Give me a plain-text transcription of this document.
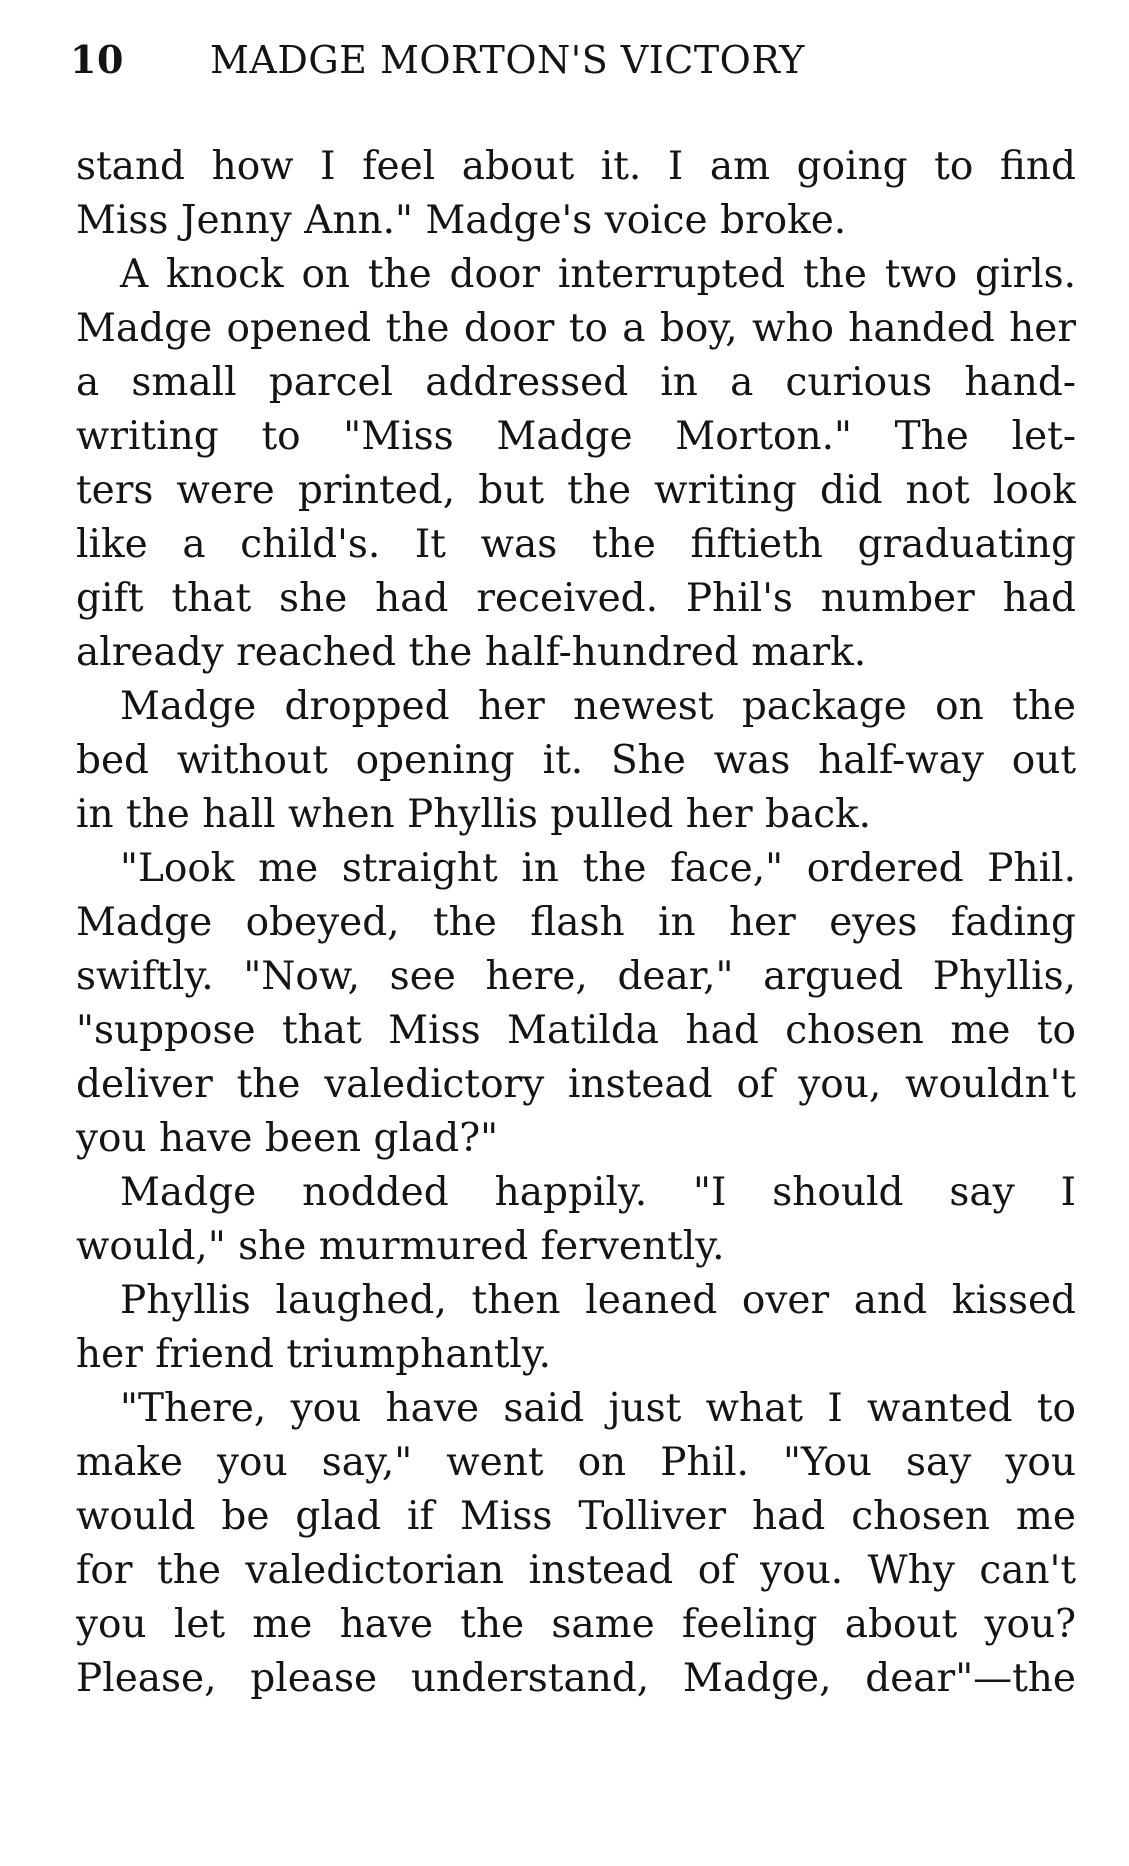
10 MADGE MORTON'S VICTORY
stand how I feel about it. I am going to find
Miss Jenny Ann." Madge's voice broke.
A knock on the door interrupted the two girls.
Madge opened the door to a boy, who handed her
a small parcel addressed in a curious hand-
writing to "Miss Madge Morton." The let-
ters were printed, but the writing did not look
like a child's. It was the fiftieth graduating
gift that she had received. Phil's number had
already reached the half-hundred mark.
Madge dropped her newest package on the
bed without opening it. She was half-way out
in the hall when Phyllis pulled her back.
"Look me straight in the face," ordered Phil.
Madge obeyed, the flash in her eyes fading
swiftly. "Now, see here, dear," argued Phyllis,
"suppose that Miss Matilda had chosen me to
deliver the valedictory instead of you, wouldn't
you have been glad?"
Madge nodded happily. "I should say I
would," she murmured fervently.
Phyllis laughed, then leaned over and kissed
her friend triumphantly.
"There, you have said just what I wanted to
make you say," went on Phil. "You say you
would be glad if Miss Tolliver had chosen me
for the valedictorian instead of you. Why can't
you let me have the same feeling about you?
Please, please understand, Madge, dear"—the
